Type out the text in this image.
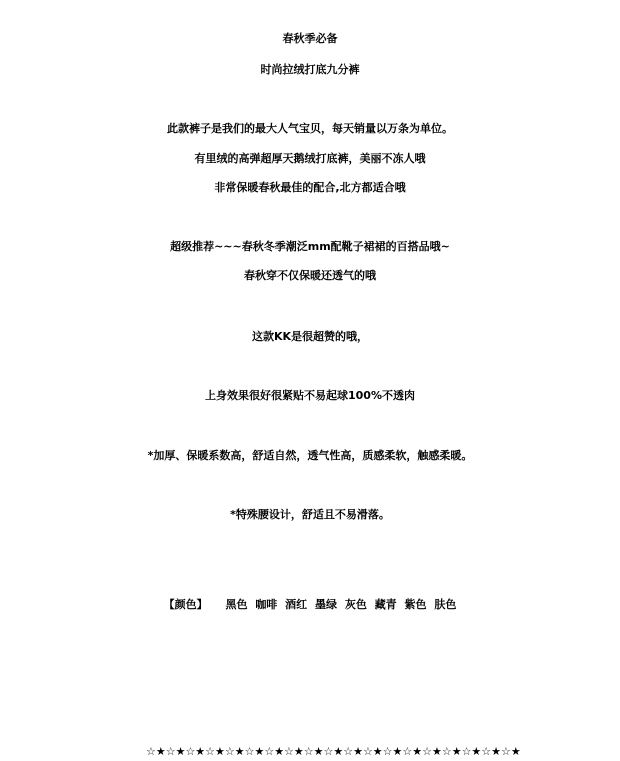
春秋季必备
时尚拉绒打底九分裤
此款裤子是我们的最大人气宝贝，每天销量以万条为单位。
有里绒的高弹超厚天鹅绒打底裤，美丽不冻人哦
非常保暖春秋最佳的配合,北方都适合哦
超级推荐~~~春秋冬季潮泛mm配靴子裙裙的百搭品哦~
春秋穿不仅保暖还透气的哦
这款KK是很超赞的哦，
上身效果很好很紧贴不易起球100%不透肉
*加厚、保暖系数高，舒适自然，透气性高，质感柔软，触感柔暖。
*特殊腰设计，舒适且不易滑落。
【颜色】 黑色 咖啡 酒红 墨绿 灰色 藏青 紫色 肤色
☆★☆★☆★☆★☆★☆★☆★☆★☆★☆★☆★☆★☆★☆★☆★☆★☆★☆★☆★
